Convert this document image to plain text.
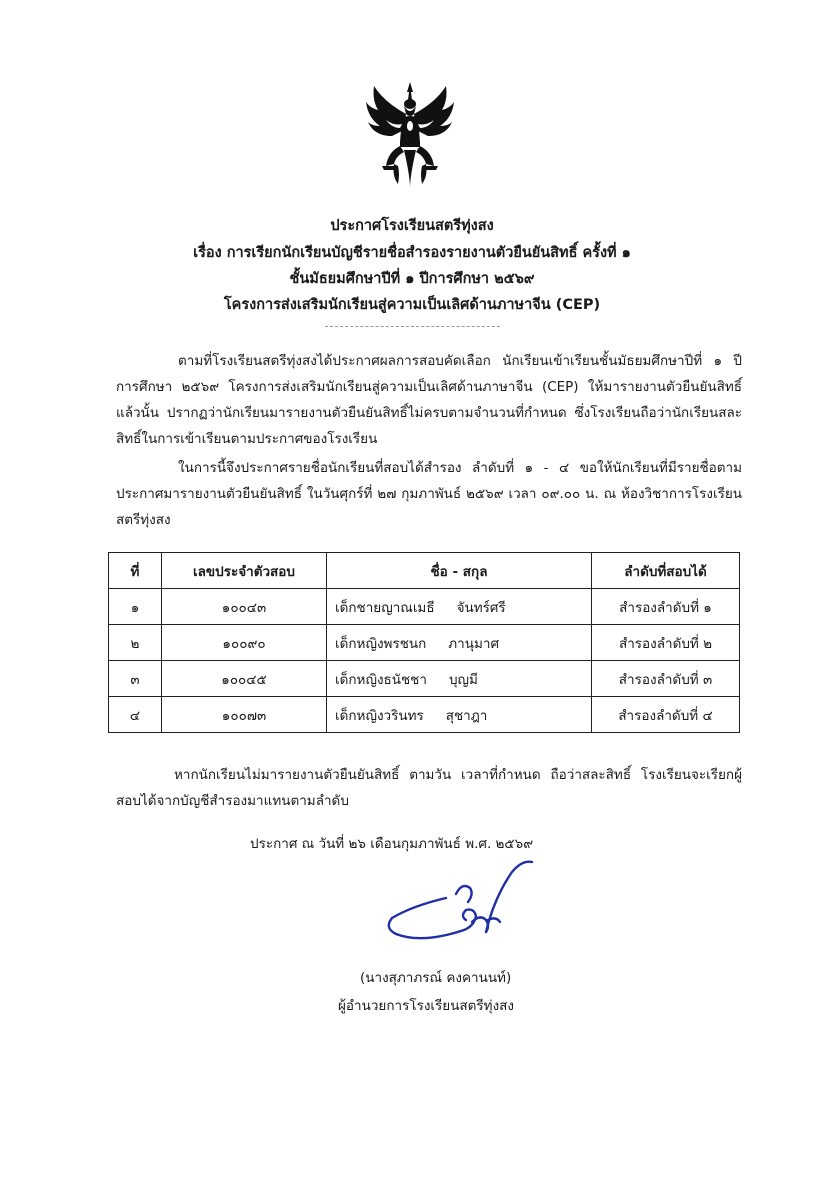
ประกาศโรงเรียนสตรีทุ่งสง
เรื่อง การเรียกนักเรียนบัญชีรายชื่อสำรองรายงานตัวยืนยันสิทธิ์ ครั้งที่ ๑
ชั้นมัธยมศึกษาปีที่ ๑ ปีการศึกษา ๒๕๖๙
โครงการส่งเสริมนักเรียนสู่ความเป็นเลิศด้านภาษาจีน (CEP)
ตามที่โรงเรียนสตรีทุ่งสงได้ประกาศผลการสอบคัดเลือก นักเรียนเข้าเรียนชั้นมัธยมศึกษาปีที่ ๑ ปีการศึกษา ๒๕๖๙ โครงการส่งเสริมนักเรียนสู่ความเป็นเลิศด้านภาษาจีน (CEP) ให้มารายงานตัวยืนยันสิทธิ์แล้วนั้น ปรากฏว่านักเรียนมารายงานตัวยืนยันสิทธิ์ไม่ครบตามจำนวนที่กำหนด ซึ่งโรงเรียนถือว่านักเรียนสละสิทธิ์ในการเข้าเรียนตามประกาศของโรงเรียน
ในการนี้จึงประกาศรายชื่อนักเรียนที่สอบได้สำรอง ลำดับที่ ๑ - ๔ ขอให้นักเรียนที่มีรายชื่อตามประกาศมารายงานตัวยืนยันสิทธิ์ ในวันศุกร์ที่ ๒๗ กุมภาพันธ์ ๒๕๖๙ เวลา ๐๙.๐๐ น. ณ ห้องวิชาการโรงเรียนสตรีทุ่งสง
ที่	เลขประจำตัวสอบ	ชื่อ - สกุล	ลำดับที่สอบได้
๑	๑๐๐๔๓	เด็กชายญาณเมธี จันทร์ศรี	สำรองลำดับที่ ๑
๒	๑๐๐๙๐	เด็กหญิงพรชนก ภานุมาศ	สำรองลำดับที่ ๒
๓	๑๐๐๔๕	เด็กหญิงธนัชชา บุญมี	สำรองลำดับที่ ๓
๔	๑๐๐๗๓	เด็กหญิงวรินทร สุชาฎา	สำรองลำดับที่ ๔
หากนักเรียนไม่มารายงานตัวยืนยันสิทธิ์ ตามวัน เวลาที่กำหนด ถือว่าสละสิทธิ์ โรงเรียนจะเรียกผู้สอบได้จากบัญชีสำรองมาแทนตามลำดับ
ประกาศ ณ วันที่ ๒๖ เดือนกุมภาพันธ์ พ.ศ. ๒๕๖๙
(นางสุภาภรณ์ คงคานนท์)
ผู้อำนวยการโรงเรียนสตรีทุ่งสง
